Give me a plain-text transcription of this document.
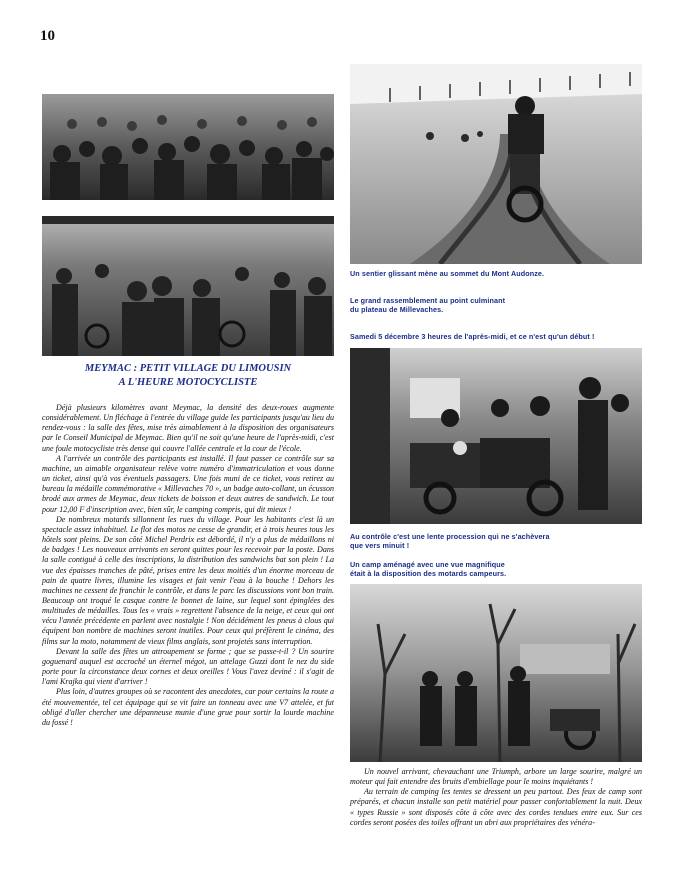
10
MEYMAC : PETIT VILLAGE DU LIMOUSIN
A L'HEURE MOTOCYCLISTE

Déjà plusieurs kilomètres avant Meymac, la densité des deux-roues augmente considérablement. Un fléchage à l'entrée du village guide les participants jusqu'au lieu du rendez-vous : la salle des fêtes, mise très aimablement à la disposition des organisateurs par le Conseil Municipal de Meymac. Bien qu'il ne soit qu'une heure de l'après-midi, c'est une foule motocycliste très dense qui couvre l'allée centrale et la cour de l'école.

A l'arrivée un contrôle des participants est installé. Il faut passer ce contrôle sur sa machine, un aimable organisateur relève votre numéro d'immatriculation et vous donne un ticket, ainsi qu'à vos éventuels passagers. Une fois muni de ce ticket, vous retirez au bureau la médaille commémorative « Millevaches 70 », un badge auto-collant, un écusson brodé aux armes de Meymac, deux tickets de boisson et deux autres de sandwich. Le tout pour 12,00 F d'inscription avec, bien sûr, le camping compris, qui dit mieux !

De nombreux motards sillonnent les rues du village. Pour les habitants c'est là un spectacle assez inhabituel. Le flot des motos ne cesse de grandir, et à trois heures tous les hôtels sont pleins. De son côté Michel Perdrix est débordé, il n'y a plus de médaillons ni de badges ! Les nouveaux arrivants en seront quittes pour les recevoir par la poste. Dans la salle contiguë à celle des inscriptions, la distribution des sandwichs bat son plein ! La vue des épaisses tranches de pâté, prises entre les deux moitiés d'un énorme morceau de pain de quatre livres, illumine les visages et fait venir l'eau à la bouche ! Dehors les machines ne cessent de franchir le contrôle, et dans le parc les discussions vont bon train. Beaucoup ont troqué le casque contre le bonnet de laine, sur lequel sont épinglées des multitudes de médailles. Tous les « vrais » regrettent l'absence de la neige, et ceux qui ont vécu l'année précédente en parlent avec nostalgie ! Non décidément les pneus à clous qui équipent bon nombre de machines seront inutiles. Pour ceux qui préfèrent le cinéma, des films sur la moto, notamment de vieux films anglais, sont projetés sans interruption.

Devant la salle des fêtes un attroupement se forme ; que se passe-t-il ? Un sourire goguenard auquel est accroché un éternel mégot, un attelage Guzzi dont le nez du side porte pour la circonstance deux cornes et deux oreilles ! Vous l'avez deviné : il s'agit de l'ami Krajka qui vient d'arriver !

Plus loin, d'autres groupes où se racontent des anecdotes, car pour certains la route a été mouvementée, tel cet équipage qui se vit faire un tonneau avec une V7 attelée, et fut obligé d'aller chercher une dépanneuse munie d'une grue pour sortir la lourde machine du fossé !

Un sentier glissant mène au sommet du Mont Audonze.
Le grand rassemblement au point culminant
du plateau de Millevaches.
Samedi 5 décembre 3 heures de l'après-midi, et ce n'est qu'un début !
Au contrôle c'est une lente procession qui ne s'achèvera
que vers minuit !
Un camp aménagé avec une vue magnifique
était à la disposition des motards campeurs.

Un nouvel arrivant, chevauchant une Triumph, arbore un large sourire, malgré un moteur qui fait entendre des bruits d'embiellage pour le moins inquiétants !

Au terrain de camping les tentes se dressent un peu partout. Des feux de camp sont préparés, et chacun installe son petit matériel pour passer confortablement la nuit. Deux « types Russie » sont disposés côte à côte avec des cordes tendues entre eux. Sur ces cordes seront posées des toiles offrant un abri aux propriétaires des vénéra-
